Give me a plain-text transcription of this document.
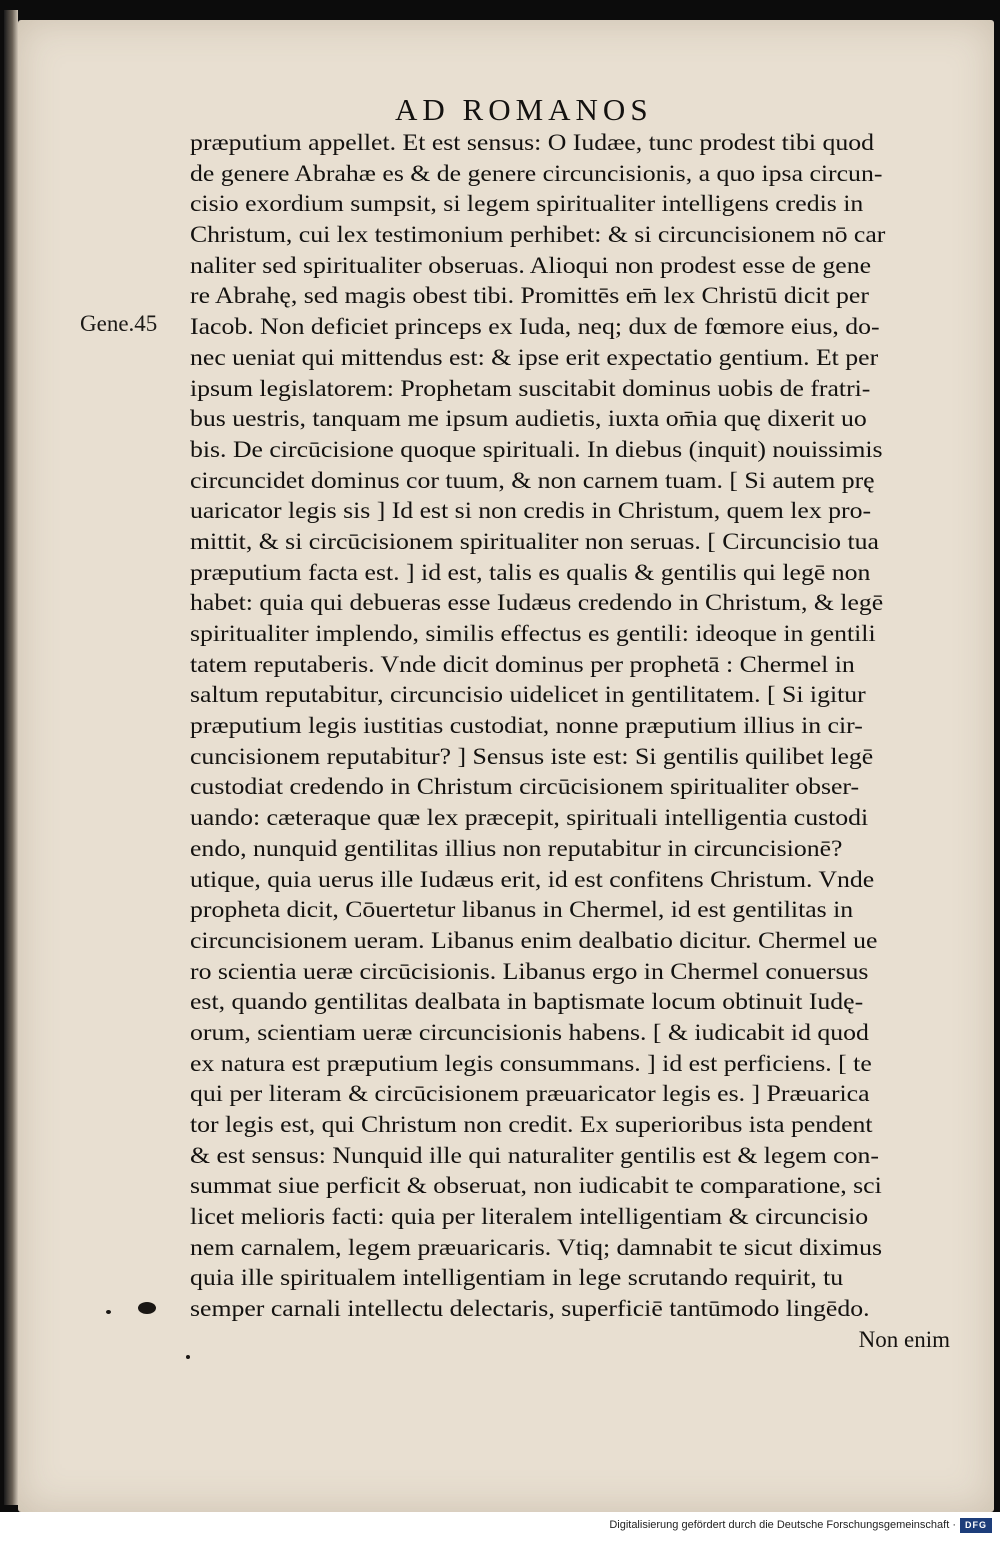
AD ROMANOS
Gene.45
præputium appellet. Et est sensus: O Iudæe, tunc prodest tibi quod
de genere Abrahæ es & de genere circuncisionis, a quo ipsa circun-
cisio exordium sumpsit, si legem spiritualiter intelligens credis in
Christum, cui lex testimonium perhibet: & si circuncisionem nō car
naliter sed spiritualiter obseruas. Alioqui non prodest esse de gene
re Abrahę, sed magis obest tibi. Promittēs em̄ lex Christū dicit per
Iacob. Non deficiet princeps ex Iuda, neq; dux de fœmore eius, do-
nec ueniat qui mittendus est: & ipse erit expectatio gentium. Et per
ipsum legislatorem: Prophetam suscitabit dominus uobis de fratri-
bus uestris, tanquam me ipsum audietis, iuxta om̄ia quę dixerit uo
bis. De circūcisione quoque spirituali. In diebus (inquit) nouissimis
circuncidet dominus cor tuum, & non carnem tuam. [ Si autem prę
uaricator legis sis ] Id est si non credis in Christum, quem lex pro-
mittit, & si circūcisionem spiritualiter non seruas. [ Circuncisio tua
præputium facta est. ] id est, talis es qualis & gentilis qui legē non
habet: quia qui debueras esse Iudæus credendo in Christum, & legē
spiritualiter implendo, similis effectus es gentili: ideoque in gentili
tatem reputaberis. Vnde dicit dominus per prophetā : Chermel in
saltum reputabitur, circuncisio uidelicet in gentilitatem. [ Si igitur
præputium legis iustitias custodiat, nonne præputium illius in cir-
cuncisionem reputabitur? ] Sensus iste est: Si gentilis quilibet legē
custodiat credendo in Christum circūcisionem spiritualiter obser-
uando: cæteraque quæ lex præcepit, spirituali intelligentia custodi
endo, nunquid gentilitas illius non reputabitur in circuncisionē?
utique, quia uerus ille Iudæus erit, id est confitens Christum. Vnde
propheta dicit, Cōuertetur libanus in Chermel, id est gentilitas in
circuncisionem ueram. Libanus enim dealbatio dicitur. Chermel ue
ro scientia ueræ circūcisionis. Libanus ergo in Chermel conuersus
est, quando gentilitas dealbata in baptismate locum obtinuit Iudę-
orum, scientiam ueræ circuncisionis habens. [ & iudicabit id quod
ex natura est præputium legis consummans. ] id est perficiens. [ te
qui per literam & circūcisionem præuaricator legis es. ] Præuarica
tor legis est, qui Christum non credit. Ex superioribus ista pendent
& est sensus: Nunquid ille qui naturaliter gentilis est & legem con-
summat siue perficit & obseruat, non iudicabit te comparatione, sci
licet melioris facti: quia per literalem intelligentiam & circuncisio
nem carnalem, legem præuaricaris. Vtiq; damnabit te sicut diximus
quia ille spiritualem intelligentiam in lege scrutando requirit, tu
semper carnali intellectu delectaris, superficiē tantūmodo lingēdo.
Non enim
Digitalisierung gefördert durch die Deutsche Forschungsgemeinschaft ·	DFG
